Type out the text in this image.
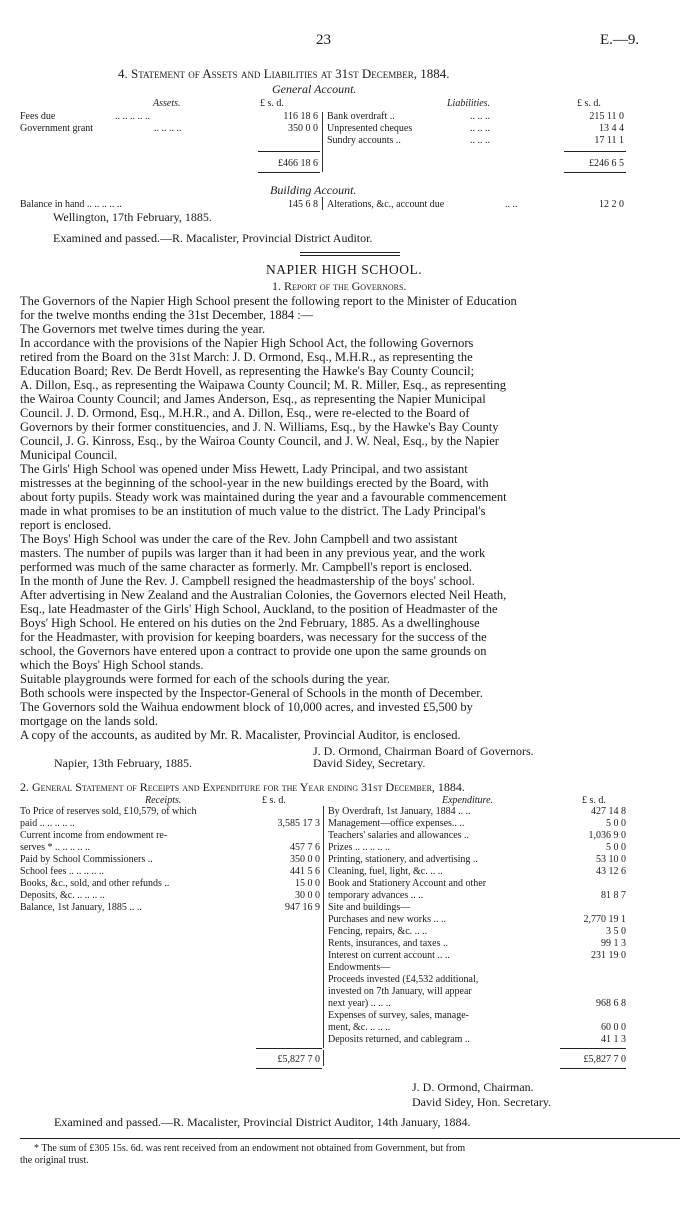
23	E.—9.
4. Statement of Assets and Liabilities at 31st December, 1884.
General Account.
Assets.	£ s. d.	Liabilities.	£ s. d.
Fees due	.. .. .. .. ..	116 18 6
Government grant	.. .. .. ..	350 0 0
Bank overdraft ..	.. .. ..	215 11 0
Unpresented cheques	.. .. ..	13 4 4
Sundry accounts ..	.. .. ..	17 11 1
£466 18 6	£246 6 5
Building Account.
Balance in hand .. .. .. .. ..	145 6 8 Alterations, &c., account due	.. ..	12 2 0
Wellington, 17th February, 1885.
Examined and passed.—R. Macalister, Provincial District Auditor.
NAPIER HIGH SCHOOL.
1. Report of the Governors.
The Governors of the Napier High School present the following report to the Minister of Education
for the twelve months ending the 31st December, 1884 :—
The Governors met twelve times during the year.
In accordance with the provisions of the Napier High School Act, the following Governors
retired from the Board on the 31st March: J. D. Ormond, Esq., M.H.R., as representing the
Education Board; Rev. De Berdt Hovell, as representing the Hawke's Bay County Council;
A. Dillon, Esq., as representing the Waipawa County Council; M. R. Miller, Esq., as representing
the Wairoa County Council; and James Anderson, Esq., as representing the Napier Municipal
Council. J. D. Ormond, Esq., M.H.R., and A. Dillon, Esq., were re-elected to the Board of
Governors by their former constituencies, and J. N. Williams, Esq., by the Hawke's Bay County
Council, J. G. Kinross, Esq., by the Wairoa County Council, and J. W. Neal, Esq., by the Napier
Municipal Council.
The Girls' High School was opened under Miss Hewett, Lady Principal, and two assistant
mistresses at the beginning of the school-year in the new buildings erected by the Board, with
about forty pupils. Steady work was maintained during the year and a favourable commencement
made in what promises to be an institution of much value to the district. The Lady Principal's
report is enclosed.
The Boys' High School was under the care of the Rev. John Campbell and two assistant
masters. The number of pupils was larger than it had been in any previous year, and the work
performed was much of the same character as formerly. Mr. Campbell's report is enclosed.
In the month of June the Rev. J. Campbell resigned the headmastership of the boys' school.
After advertising in New Zealand and the Australian Colonies, the Governors elected Neil Heath,
Esq., late Headmaster of the Girls' High School, Auckland, to the position of Headmaster of the
Boys' High School. He entered on his duties on the 2nd February, 1885. As a dwellinghouse
for the Headmaster, with provision for keeping boarders, was necessary for the success of the
school, the Governors have entered upon a contract to provide one upon the same grounds on
which the Boys' High School stands.
Suitable playgrounds were formed for each of the schools during the year.
Both schools were inspected by the Inspector-General of Schools in the month of December.
The Governors sold the Waihua endowment block of 10,000 acres, and invested £5,500 by
mortgage on the lands sold.
A copy of the accounts, as audited by Mr. R. Macalister, Provincial Auditor, is enclosed.
J. D. Ormond, Chairman Board of Governors.
Napier, 13th February, 1885.	David Sidey, Secretary.
2. General Statement of Receipts and Expenditure for the Year ending 31st December, 1884.
Receipts.	£ s. d.	Expenditure.	£ s. d.
To Price of reserves sold, £10,579, of which
paid .. .. .. .. ..	3,585 17 3
Current income from endowment re-
serves * .. .. .. .. ..	457 7 6
Paid by School Commissioners ..	350 0 0
School fees .. .. .. .. ..	441 5 6
Books, &c., sold, and other refunds ..	15 0 0
Deposits, &c. .. .. .. ..	30 0 0
Balance, 1st January, 1885 .. ..	947 16 9
By Overdraft, 1st January, 1884 .. ..	427 14 8
Management—office expenses.. ..	5 0 0
Teachers' salaries and allowances ..	1,036 9 0
Prizes .. .. .. .. ..	5 0 0
Printing, stationery, and advertising ..	53 10 0
Cleaning, fuel, light, &c. .. ..	43 12 6
Book and Stationery Account and other
temporary advances .. ..	81 8 7
Site and buildings—
Purchases and new works .. ..	2,770 19 1
Fencing, repairs, &c. .. ..	3 5 0
Rents, insurances, and taxes ..	99 1 3
Interest on current account .. ..	231 19 0
Endowments—
Proceeds invested (£4,532 additional,
invested on 7th January, will appear
next year) .. .. ..	968 6 8
Expenses of survey, sales, manage-
ment, &c. .. .. ..	60 0 0
Deposits returned, and cablegram ..	41 1 3
£5,827 7 0	£5,827 7 0
J. D. Ormond, Chairman.
David Sidey, Hon. Secretary.
Examined and passed.—R. Macalister, Provincial District Auditor, 14th January, 1884.
* The sum of £305 15s. 6d. was rent received from an endowment not obtained from Government, but from
the original trust.
